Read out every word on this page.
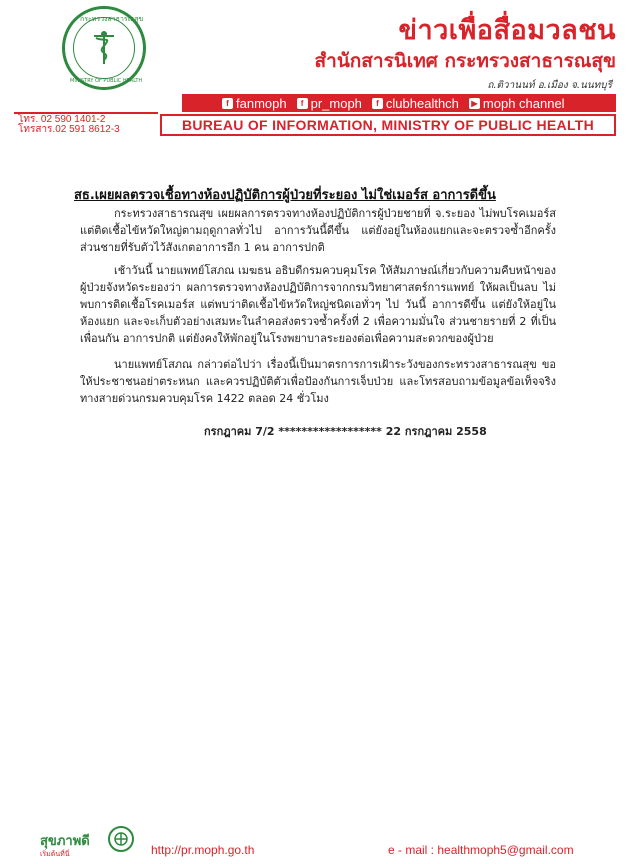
กระทรวงสาธารณสุข
MINISTRY OF PUBLIC HEALTH
ข่าวเพื่อสื่อมวลชน
สำนักสารนิเทศ กระทรวงสาธารณสุข
ถ.ติวานนท์ อ.เมือง จ.นนทบุรี
f fanmoph	f pr_moph	f clubhealthch	▶ moph channel
โทร. 02 590 1401-2
โทรสาร.02 591 8612-3	BUREAU OF INFORMATION, MINISTRY OF PUBLIC HEALTH
สธ.เผยผลตรวจเชื้อทางห้องปฏิบัติการผู้ป่วยที่ระยอง ไม่ใช่เมอร์ส อาการดีขึ้น
กระทรวงสาธารณสุข เผยผลการตรวจทางห้องปฏิบัติการผู้ป่วยชายที่ จ.ระยอง ไม่พบโรคเมอร์ส แต่ติดเชื้อไข้หวัดใหญ่ตามฤดูกาลทั่วไป อาการวันนี้ดีขึ้น แต่ยังอยู่ในห้องแยกและจะตรวจซ้ำอีกครั้ง ส่วนชายที่รับตัวไว้สังเกตอาการอีก 1 คน อาการปกติ
เช้าวันนี้ นายแพทย์โสภณ เมฆธน อธิบดีกรมควบคุมโรค ให้สัมภาษณ์เกี่ยวกับความคืบหน้าของผู้ป่วยจังหวัดระยองว่า ผลการตรวจทางห้องปฏิบัติการจากกรมวิทยาศาสตร์การแพทย์ ให้ผลเป็นลบ ไม่พบการติดเชื้อโรคเมอร์ส แต่พบว่าติดเชื้อไข้หวัดใหญ่ชนิดเอทั่วๆ ไป วันนี้ อาการดีขึ้น แต่ยังให้อยู่ในห้องแยก และจะเก็บตัวอย่างเสมหะในลำคอส่งตรวจซ้ำครั้งที่ 2 เพื่อความมั่นใจ ส่วนชายรายที่ 2 ที่เป็นเพื่อนกัน อาการปกติ แต่ยังคงให้พักอยู่ในโรงพยาบาลระยองต่อเพื่อความสะดวกของผู้ป่วย
นายแพทย์โสภณ กล่าวต่อไปว่า เรื่องนี้เป็นมาตรการการเฝ้าระวังของกระทรวงสาธารณสุข ขอให้ประชาชนอย่าตระหนก และควรปฏิบัติตัวเพื่อป้องกันการเจ็บป่วย และโทรสอบถามข้อมูลข้อเท็จจริงทางสายด่วนกรมควบคุมโรค 1422 ตลอด 24 ชั่วโมง
กรกฎาคม 7/2 ****************** 22 กรกฎาคม 2558
สุขภาพดี
เริ่มต้นที่นี่	http://pr.moph.go.th	e - mail : healthmoph5@gmail.com
